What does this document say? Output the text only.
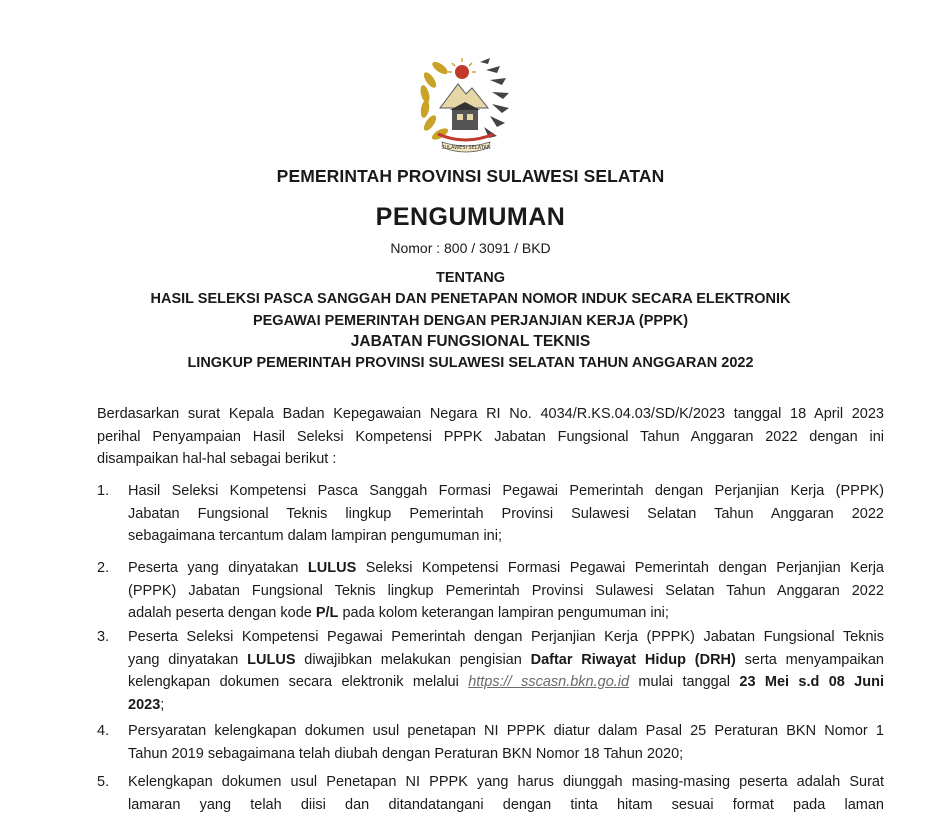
SULAWESI SELATAN
PEMERINTAH PROVINSI SULAWESI SELATAN
PENGUMUMAN
Nomor : 800 / 3091 / BKD
TENTANG
HASIL SELEKSI PASCA SANGGAH DAN PENETAPAN NOMOR INDUK SECARA ELEKTRONIK
PEGAWAI PEMERINTAH DENGAN PERJANJIAN KERJA (PPPK)
JABATAN FUNGSIONAL TEKNIS
LINGKUP PEMERINTAH PROVINSI SULAWESI SELATAN TAHUN ANGGARAN 2022
Berdasarkan surat Kepala Badan Kepegawaian Negara RI No. 4034/R.KS.04.03/SD/K/2023 tanggal 18 April 2023
perihal Penyampaian Hasil Seleksi Kompetensi PPPK Jabatan Fungsional Tahun Anggaran 2022 dengan ini
disampaikan hal-hal sebagai berikut :
1. Hasil Seleksi Kompetensi Pasca Sanggah Formasi Pegawai Pemerintah dengan Perjanjian Kerja (PPPK)
Jabatan Fungsional Teknis lingkup Pemerintah Provinsi Sulawesi Selatan Tahun Anggaran 2022
sebagaimana tercantum dalam lampiran pengumuman ini;
2. Peserta yang dinyatakan LULUS Seleksi Kompetensi Formasi Pegawai Pemerintah dengan Perjanjian Kerja
(PPPK) Jabatan Fungsional Teknis lingkup Pemerintah Provinsi Sulawesi Selatan Tahun Anggaran 2022
adalah peserta dengan kode P/L pada kolom keterangan lampiran pengumuman ini;
3. Peserta Seleksi Kompetensi Pegawai Pemerintah dengan Perjanjian Kerja (PPPK) Jabatan Fungsional Teknis
yang dinyatakan LULUS diwajibkan melakukan pengisian Daftar Riwayat Hidup (DRH) serta menyampaikan
kelengkapan dokumen secara elektronik melalui https:// sscasn.bkn.go.id mulai tanggal 23 Mei s.d 08 Juni
2023;
4. Persyaratan kelengkapan dokumen usul penetapan NI PPPK diatur dalam Pasal 25 Peraturan BKN Nomor 1
Tahun 2019 sebagaimana telah diubah dengan Peraturan BKN Nomor 18 Tahun 2020;
5. Kelengkapan dokumen usul Penetapan NI PPPK yang harus diunggah masing-masing peserta adalah Surat
lamaran yang telah diisi dan ditandatangani dengan tinta hitam sesuai format pada laman
